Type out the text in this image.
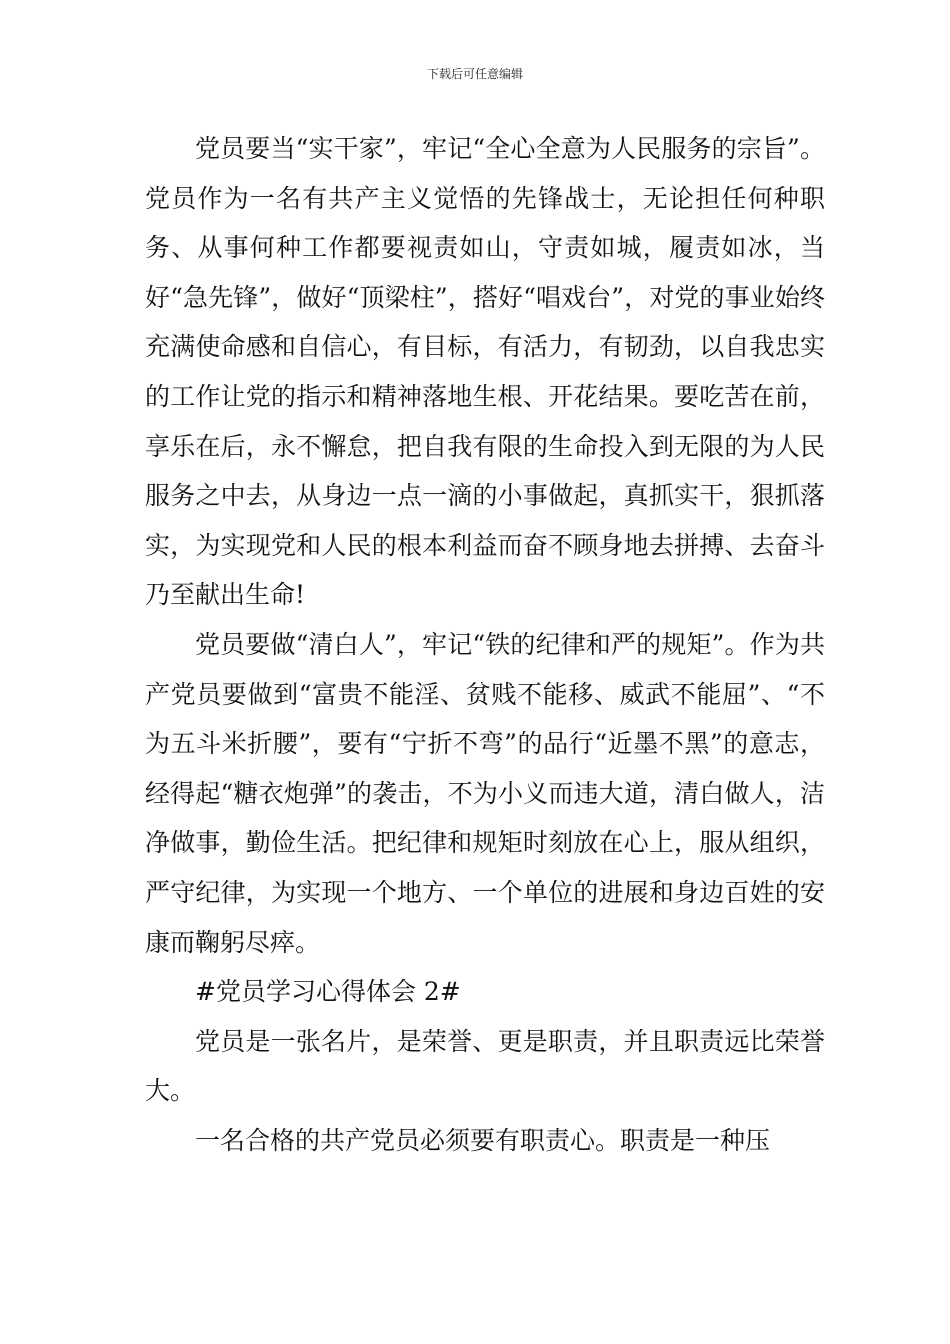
下载后可任意编辑

党员要当“实干家”，牢记“全心全意为人民服务的宗旨”。党员作为一名有共产主义觉悟的先锋战士，无论担任何种职务、从事何种工作都要视责如山，守责如城，履责如冰，当好“急先锋”，做好“顶梁柱”，搭好“唱戏台”，对党的事业始终充满使命感和自信心，有目标，有活力，有韧劲，以自我忠实的工作让党的指示和精神落地生根、开花结果。要吃苦在前，享乐在后，永不懈怠，把自我有限的生命投入到无限的为人民服务之中去，从身边一点一滴的小事做起，真抓实干，狠抓落实，为实现党和人民的根本利益而奋不顾身地去拼搏、去奋斗乃至献出生命!

党员要做“清白人”，牢记“铁的纪律和严的规矩”。作为共产党员要做到“富贵不能淫、贫贱不能移、威武不能屈”、“不为五斗米折腰”，要有“宁折不弯”的品行“近墨不黑”的意志，经得起“糖衣炮弹”的袭击，不为小义而违大道，清白做人，洁净做事，勤俭生活。把纪律和规矩时刻放在心上，服从组织，严守纪律，为实现一个地方、一个单位的进展和身边百姓的安康而鞠躬尽瘁。

#党员学习心得体会 2#

党员是一张名片，是荣誉、更是职责，并且职责远比荣誉大。

一名合格的共产党员必须要有职责心。职责是一种压
